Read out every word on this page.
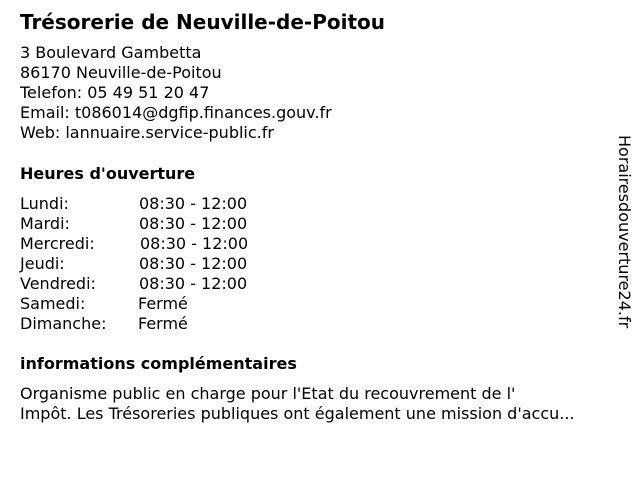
Trésorerie de Neuville-de-Poitou
3 Boulevard Gambetta
86170 Neuville-de-Poitou
Telefon: 05 49 51 20 47
Email: t086014@dgfip.finances.gouv.fr
Web: lannuaire.service-public.fr
Heures d'ouverture
Lundi:	08:30 - 12:00
Mardi:	08:30 - 12:00
Mercredi:	08:30 - 12:00
Jeudi:	08:30 - 12:00
Vendredi:	08:30 - 12:00
Samedi:	Fermé
Dimanche: Fermé
informations complémentaires
Organisme public en charge pour l'Etat du recouvrement de l'
Impôt. Les Trésoreries publiques ont également une mission d'accu...
Horairesdouverture24.fr
